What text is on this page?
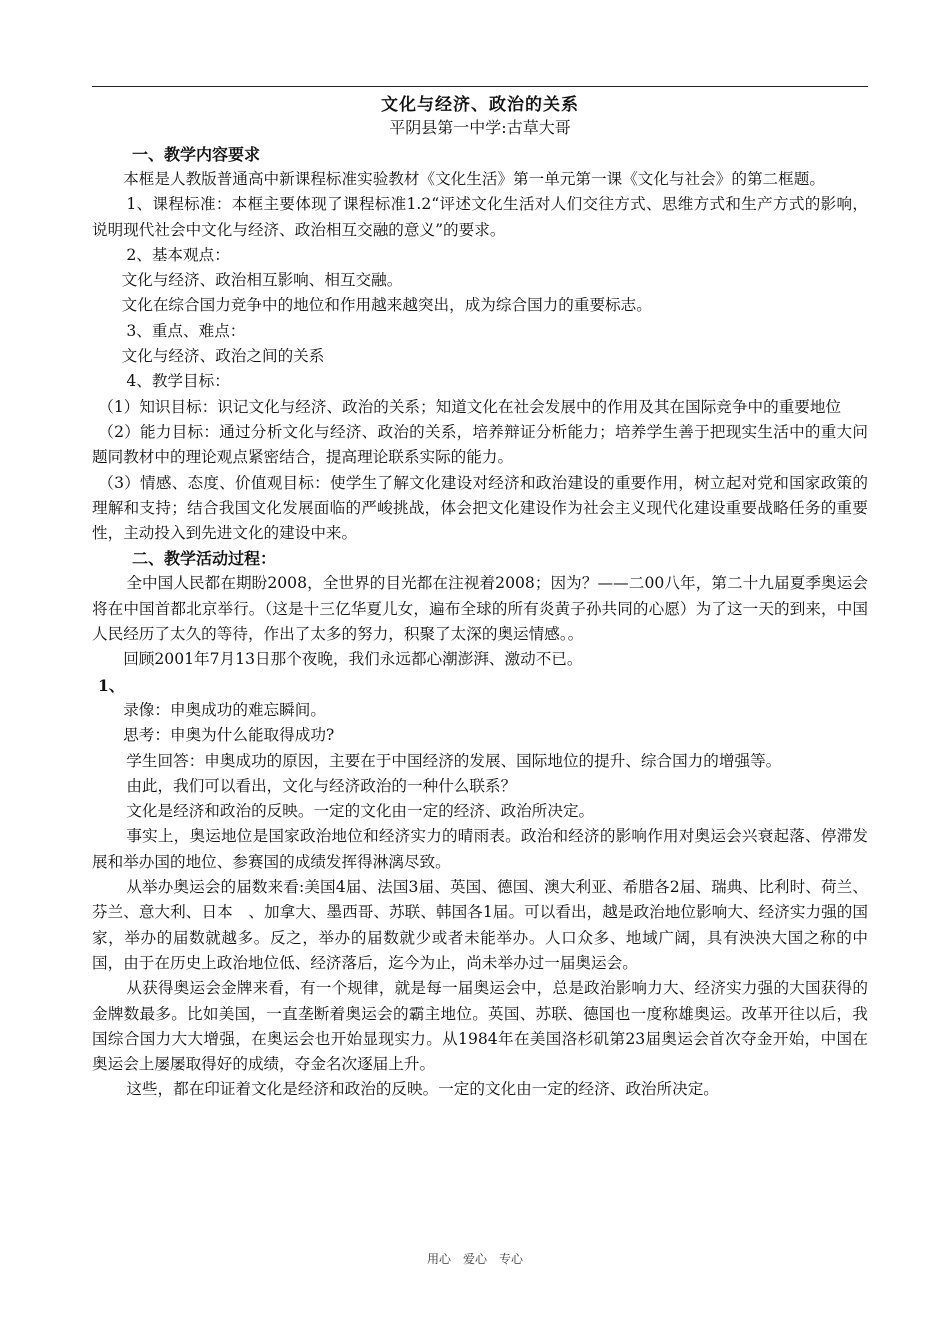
文化与经济、政治的关系

平阴县第一中学:古草大哥

一、教学内容要求

本框是人教版普通高中新课程标准实验教材《文化生活》第一单元第一课《文化与社会》的第二框题。

1、课程标准：本框主要体现了课程标准1.2“评述文化生活对人们交往方式、思维方式和生产方式的影响，说明现代社会中文化与经济、政治相互交融的意义”的要求。

2、基本观点：

文化与经济、政治相互影响、相互交融。

文化在综合国力竞争中的地位和作用越来越突出，成为综合国力的重要标志。

3、重点、难点：

文化与经济、政治之间的关系

4、教学目标：

（1）知识目标：识记文化与经济、政治的关系；知道文化在社会发展中的作用及其在国际竞争中的重要地位

（2）能力目标：通过分析文化与经济、政治的关系，培养辩证分析能力；培养学生善于把现实生活中的重大问题同教材中的理论观点紧密结合，提高理论联系实际的能力。

（3）情感、态度、价值观目标：使学生了解文化建设对经济和政治建设的重要作用，树立起对党和国家政策的理解和支持；结合我国文化发展面临的严峻挑战，体会把文化建设作为社会主义现代化建设重要战略任务的重要性，主动投入到先进文化的建设中来。

二、教学活动过程：

全中国人民都在期盼2008，全世界的目光都在注视着2008；因为？——二00八年，第二十九届夏季奥运会将在中国首都北京举行。（这是十三亿华夏儿女，遍布全球的所有炎黄子孙共同的心愿）为了这一天的到来，中国人民经历了太久的等待，作出了太多的努力，积聚了太深的奥运情感。。

回顾2001年7月13日那个夜晚，我们永远都心潮澎湃、激动不已。

1、

录像：申奥成功的难忘瞬间。

思考：申奥为什么能取得成功?

学生回答：申奥成功的原因，主要在于中国经济的发展、国际地位的提升、综合国力的增强等。

由此，我们可以看出，文化与经济政治的一种什么联系？

文化是经济和政治的反映。一定的文化由一定的经济、政治所决定。

事实上，奥运地位是国家政治地位和经济实力的晴雨表。政治和经济的影响作用对奥运会兴衰起落、停滞发展和举办国的地位、参赛国的成绩发挥得淋漓尽致。

从举办奥运会的届数来看:美国4届、法国3届、英国、德国、澳大利亚、希腊各2届、瑞典、比利时、荷兰、芬兰、意大利、日本　、加拿大、墨西哥、苏联、韩国各1届。可以看出，越是政治地位影响大、经济实力强的国家，举办的届数就越多。反之，举办的届数就少或者未能举办。人口众多、地域广阔，具有泱泱大国之称的中国，由于在历史上政治地位低、经济落后，迄今为止，尚未举办过一届奥运会。

从获得奥运会金牌来看，有一个规律，就是每一届奥运会中，总是政治影响力大、经济实力强的大国获得的金牌数最多。比如美国，一直垄断着奥运会的霸主地位。英国、苏联、德国也一度称雄奥运。改革开往以后，我国综合国力大大增强，在奥运会也开始显现实力。从1984年在美国洛杉矶第23届奥运会首次夺金开始，中国在奥运会上屡屡取得好的成绩，夺金名次逐届上升。

这些，都在印证着文化是经济和政治的反映。一定的文化由一定的经济、政治所决定。

用心　爱心　专心
